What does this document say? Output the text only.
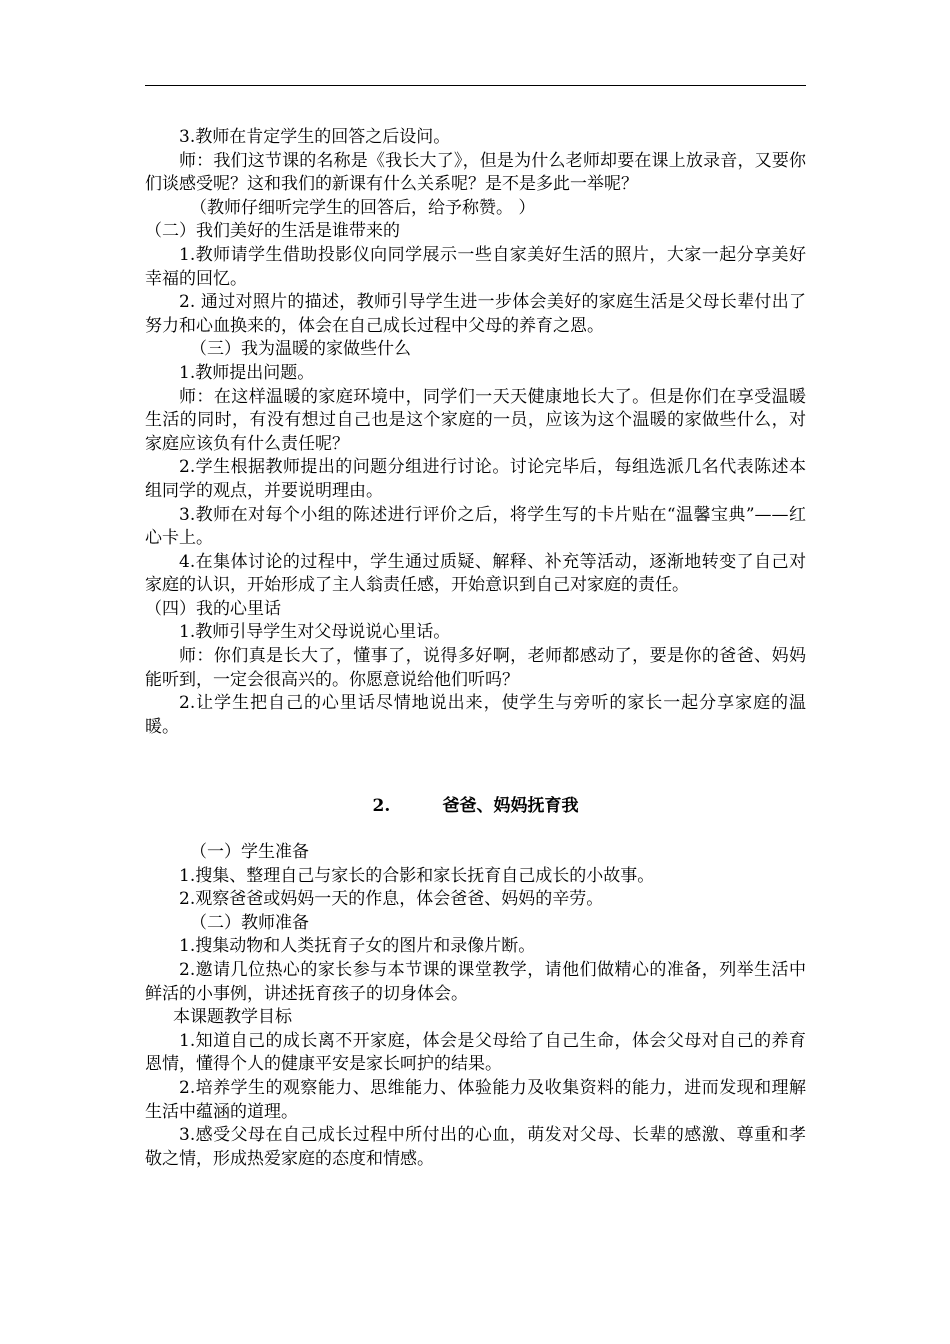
3.教师在肯定学生的回答之后设问。

师：我们这节课的名称是《我长大了》，但是为什么老师却要在课上放录音，又要你们谈感受呢？这和我们的新课有什么关系呢？是不是多此一举呢？

（教师仔细听完学生的回答后，给予称赞。 ）

（二）我们美好的生活是谁带来的

1.教师请学生借助投影仪向同学展示一些自家美好生活的照片，大家一起分享美好幸福的回忆。

2. 通过对照片的描述，教师引导学生进一步体会美好的家庭生活是父母长辈付出了努力和心血换来的，体会在自己成长过程中父母的养育之恩。

（三）我为温暖的家做些什么

1.教师提出问题。

师：在这样温暖的家庭环境中，同学们一天天健康地长大了。但是你们在享受温暖生活的同时，有没有想过自己也是这个家庭的一员，应该为这个温暖的家做些什么，对家庭应该负有什么责任呢？

2.学生根据教师提出的问题分组进行讨论。讨论完毕后，每组选派几名代表陈述本组同学的观点，并要说明理由。

3.教师在对每个小组的陈述进行评价之后，将学生写的卡片贴在“温馨宝典”——红心卡上。

4.在集体讨论的过程中，学生通过质疑、解释、补充等活动，逐渐地转变了自己对家庭的认识，开始形成了主人翁责任感，开始意识到自己对家庭的责任。

（四）我的心里话

1.教师引导学生对父母说说心里话。

师：你们真是长大了，懂事了，说得多好啊，老师都感动了，要是你的爸爸、妈妈能听到，一定会很高兴的。你愿意说给他们听吗？

2.让学生把自己的心里话尽情地说出来，使学生与旁听的家长一起分享家庭的温暖。

2.	爸爸、妈妈抚育我

（一）学生准备

1.搜集、整理自己与家长的合影和家长抚育自己成长的小故事。

2.观察爸爸或妈妈一天的作息，体会爸爸、妈妈的辛劳。

（二）教师准备

1.搜集动物和人类抚育子女的图片和录像片断。

2.邀请几位热心的家长参与本节课的课堂教学，请他们做精心的准备，列举生活中鲜活的小事例，讲述抚育孩子的切身体会。

本课题教学目标

1.知道自己的成长离不开家庭，体会是父母给了自己生命，体会父母对自己的养育恩情，懂得个人的健康平安是家长呵护的结果。

2.培养学生的观察能力、思维能力、体验能力及收集资料的能力，进而发现和理解生活中蕴涵的道理。

3.感受父母在自己成长过程中所付出的心血，萌发对父母、长辈的感激、尊重和孝敬之情，形成热爱家庭的态度和情感。
